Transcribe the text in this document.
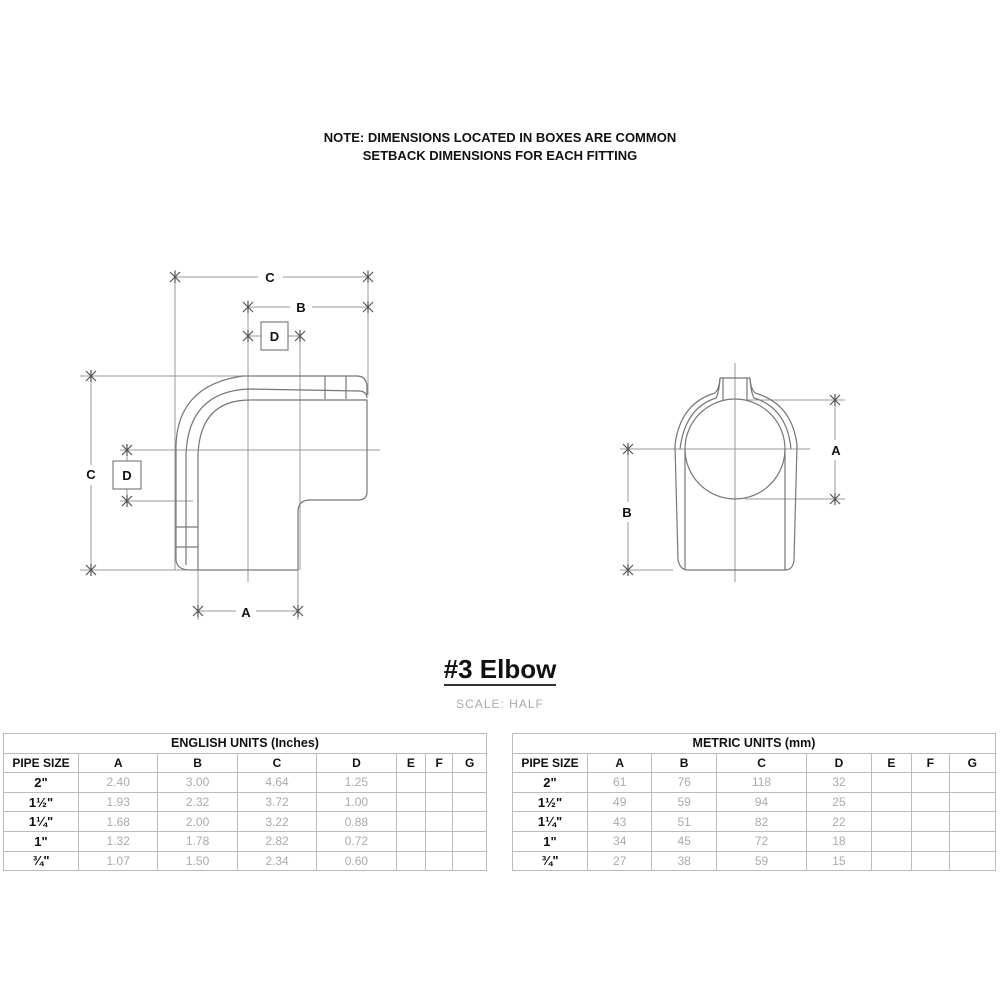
NOTE: DIMENSIONS LOCATED IN BOXES ARE COMMON
SETBACK DIMENSIONS FOR EACH FITTING
C
B
D
C D
A
A
B
#3 Elbow
SCALE: HALF
ENGLISH UNITS (Inches)							
PIPE SIZE	A	B	C	D	E	F	G
2"	2.40	3.00	4.64	1.25			
1½"	1.93	2.32	3.72	1.00			
1¼"	1.68	2.00	3.22	0.88			
1"	1.32	1.78	2.82	0.72			
¾"	1.07	1.50	2.34	0.60			
METRIC UNITS (mm)							
PIPE SIZE	A	B	C	D	E	F	G
2"	61	76	118	32			
1½"	49	59	94	25			
1¼"	43	51	82	22			
1"	34	45	72	18			
¾"	27	38	59	15			
